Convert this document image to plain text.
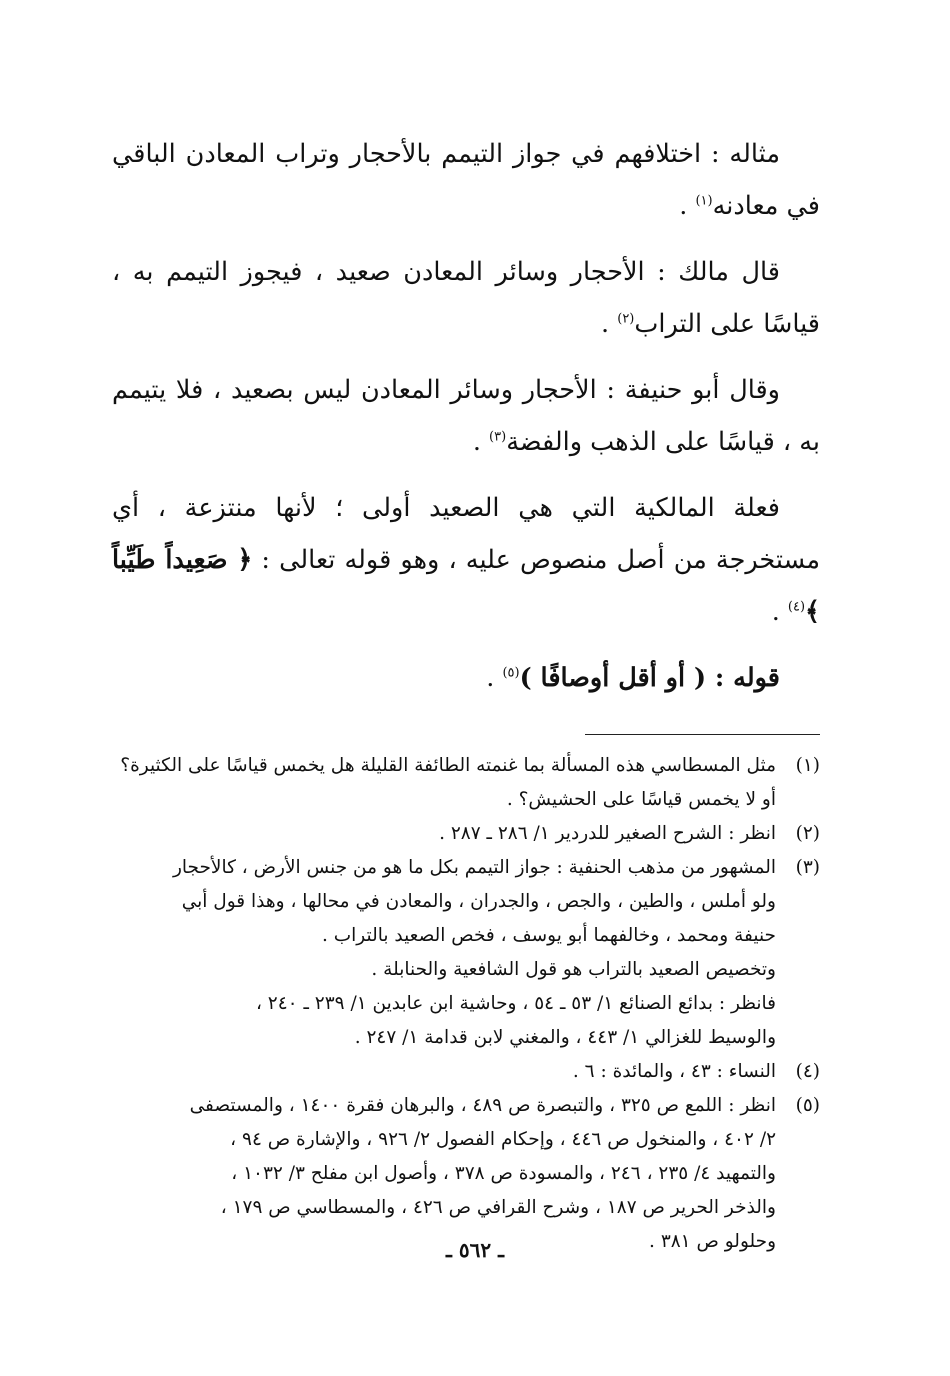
مثاله : اختلافهم في جواز التيمم بالأحجار وتراب المعادن الباقي في معادنه$^{(١)}$ .

قال مالك : الأحجار وسائر المعادن صعيد ، فيجوز التيمم به ، قياسًا على التراب$^{(٢)}$ .

وقال أبو حنيفة : الأحجار وسائر المعادن ليس بصعيد ، فلا يتيمم به ، قياسًا على الذهب والفضة$^{(٣)}$ .

فعلة المالكية التي هي الصعيد أولى ؛ لأنها منتزعة ، أي مستخرجة من أصل منصوص عليه ، وهو قوله تعالى : ﴿ صَعِيداً طَيِّباً ﴾$^{(٤)}$ .

قوله : ( أو أقل أوصافًا )$^{(٥)}$ .

(١)
مثل المسطاسي هذه المسألة بما غنمته الطائفة القليلة هل يخمس قياسًا على الكثيرة؟
أو لا يخمس قياسًا على الحشيش؟ .

(٢)
انظر : الشرح الصغير للدردير ١/ ٢٨٦ ـ ٢٨٧ .

(٣)
المشهور من مذهب الحنفية : جواز التيمم بكل ما هو من جنس الأرض ، كالأحجار
ولو أملس ، والطين ، والجص ، والجدران ، والمعادن في محالها ، وهذا قول أبي
حنيفة ومحمد ، وخالفهما أبو يوسف ، فخص الصعيد بالتراب .
وتخصيص الصعيد بالتراب هو قول الشافعية والحنابلة .
فانظر : بدائع الصنائع ١/ ٥٣ ـ ٥٤ ، وحاشية ابن عابدين ١/ ٢٣٩ ـ ٢٤٠ ،
والوسيط للغزالي ١/ ٤٤٣ ، والمغني لابن قدامة ١/ ٢٤٧ .

(٤)
النساء : ٤٣ ، والمائدة : ٦ .

(٥)
انظر : اللمع ص ٣٢٥ ، والتبصرة ص ٤٨٩ ، والبرهان فقرة ١٤٠٠ ، والمستصفى
٢/ ٤٠٢ ، والمنخول ص ٤٤٦ ، وإحكام الفصول ٢/ ٩٢٦ ، والإشارة ص ٩٤ ،
والتمهيد ٤/ ٢٣٥ ، ٢٤٦ ، والمسودة ص ٣٧٨ ، وأصول ابن مفلح ٣/ ١٠٣٢ ،
والذخر الحرير ص ١٨٧ ، وشرح القرافي ص ٤٢٦ ، والمسطاسي ص ١٧٩ ،
وحلولو ص ٣٨١ .

ـ ٥٦٢ ـ
